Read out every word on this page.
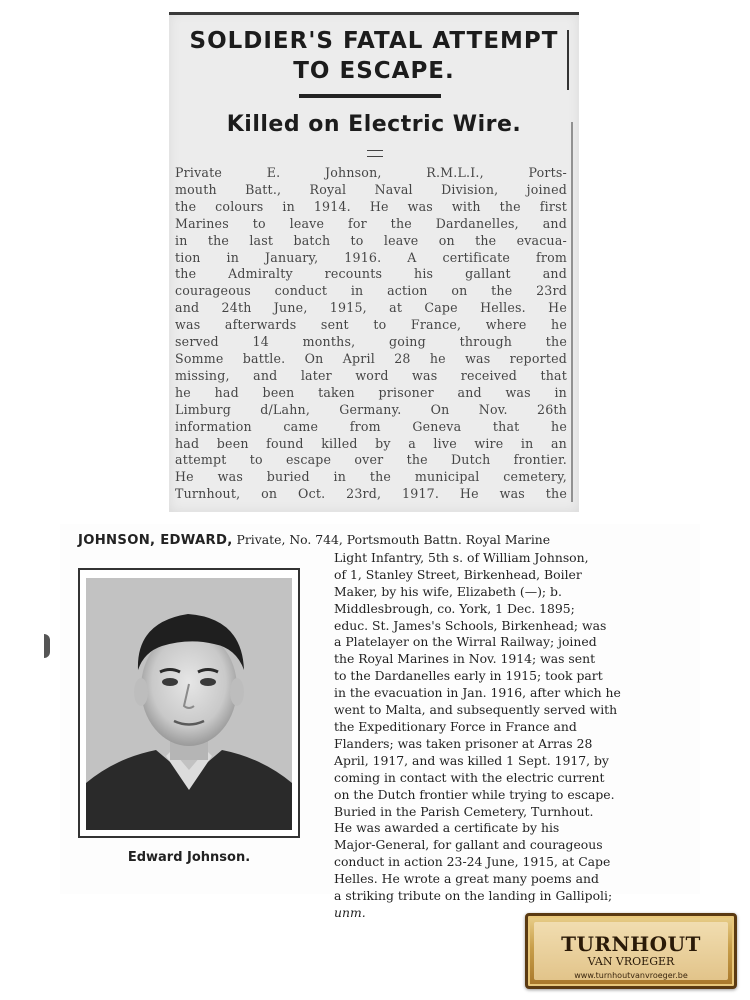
SOLDIER'S FATAL ATTEMPT
TO ESCAPE.
Killed on Electric Wire.
Private E. Johnson, R.M.L.I., Ports-
mouth Batt., Royal Naval Division, joined
the colours in 1914. He was with the first
Marines to leave for the Dardanelles, and
in the last batch to leave on the evacua-
tion in January, 1916. A certificate from
the Admiralty recounts his gallant and
courageous conduct in action on the 23rd
and 24th June, 1915, at Cape Helles. He
was afterwards sent to France, where he
served 14 months, going through the
Somme battle. On April 28 he was reported
missing, and later word was received that
he had been taken prisoner and was in
Limburg d/Lahn, Germany. On Nov. 26th
information came from Geneva that he
had been found killed by a live wire in an
attempt to escape over the Dutch frontier.
He was buried in the municipal cemetery,
Turnhout, on Oct. 23rd, 1917. He was the
JOHNSON, EDWARD, Private, No. 744, Portsmouth Battn. Royal Marine
Light Infantry, 5th s. of William Johnson,
of 1, Stanley Street, Birkenhead, Boiler
Maker, by his wife, Elizabeth (—); b.
Middlesbrough, co. York, 1 Dec. 1895;
educ. St. James's Schools, Birkenhead; was
a Platelayer on the Wirral Railway; joined
the Royal Marines in Nov. 1914; was sent
to the Dardanelles early in 1915; took part
in the evacuation in Jan. 1916, after which he
went to Malta, and subsequently served with
the Expeditionary Force in France and
Flanders; was taken prisoner at Arras 28
April, 1917, and was killed 1 Sept. 1917, by
coming in contact with the electric current
on the Dutch frontier while trying to escape.
Buried in the Parish Cemetery, Turnhout.
He was awarded a certificate by his
Major-General, for gallant and courageous
conduct in action 23-24 June, 1915, at Cape
Helles. He wrote a great many poems and
a striking tribute on the landing in Gallipoli;
unm.
Edward Johnson.
TURNHOUT
VAN VROEGER
www.turnhoutvanvroeger.be
